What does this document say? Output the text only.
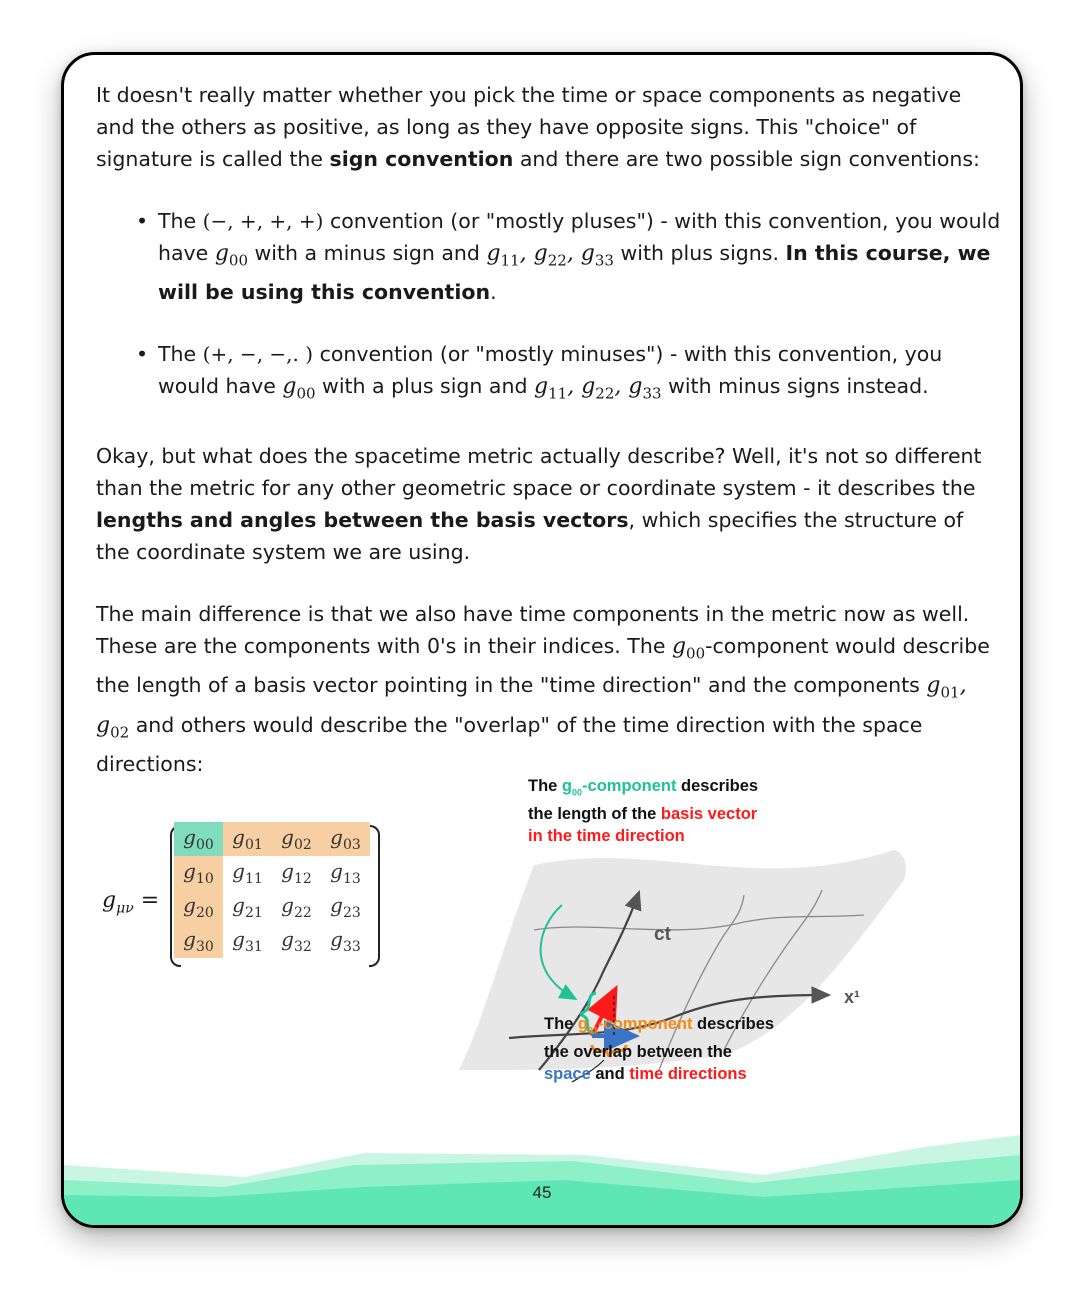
It doesn't really matter whether you pick the time or space components as negative and the others as positive, as long as they have opposite signs. This "choice" of signature is called the sign convention and there are two possible sign conventions:

• The (−, +, +, +) convention (or "mostly pluses") - with this convention, you would have $g_{00}$ with a minus sign and $g_{11}$, $g_{22}$, $g_{33}$ with plus signs. In this course, we will be using this convention.
• The (+, −, −,. ) convention (or "mostly minuses") - with this convention, you would have $g_{00}$ with a plus sign and $g_{11}$, $g_{22}$, $g_{33}$ with minus signs instead.

Okay, but what does the spacetime metric actually describe? Well, it's not so different than the metric for any other geometric space or coordinate system - it describes the lengths and angles between the basis vectors, which specifies the structure of the coordinate system we are using.

The main difference is that we also have time components in the metric now as well. These are the components with 0's in their indices. The $g_{00}$-component would describe the length of a basis vector pointing in the "time direction" and the components $g_{01}$, $g_{02}$ and others would describe the "overlap" of the time direction with the space directions:

$g_{\mu\nu}$ =
$g_{00}$	$g_{01}$	$g_{02}$	$g_{03}$
$g_{10}$	$g_{11}$	$g_{12}$	$g_{13}$
$g_{20}$	$g_{21}$	$g_{22}$	$g_{23}$
$g_{30}$	$g_{31}$	$g_{32}$	$g_{33}$
ct
x¹
The $g_{00}$-component describes
the length of the basis vector
in the time direction
The $g_{01}$-component describes
the overlap between the
space and time directions
45
